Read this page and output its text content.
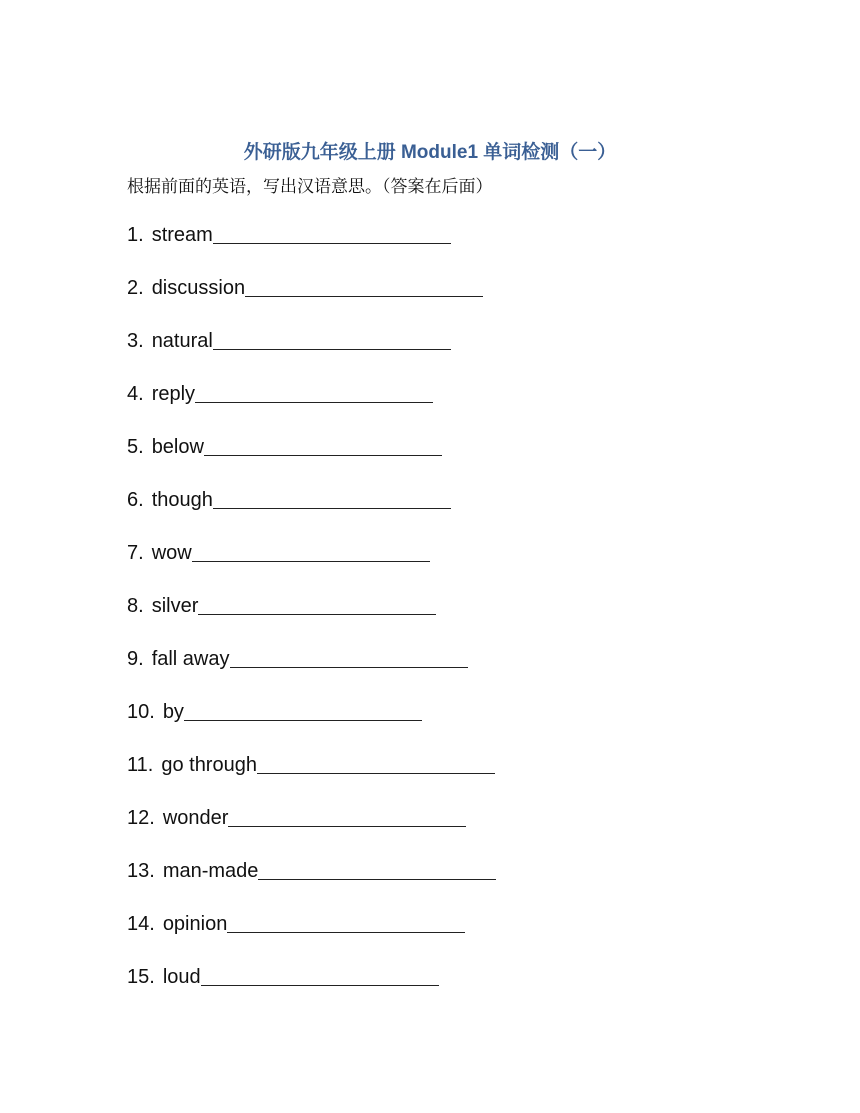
外研版九年级上册 Module1 单词检测（一）
根据前面的英语，写出汉语意思。（答案在后面）
1. stream
2. discussion
3. natural
4. reply
5. below
6. though
7. wow
8. silver
9. fall away
10. by
11. go through
12. wonder
13. man-made
14. opinion
15. loud
